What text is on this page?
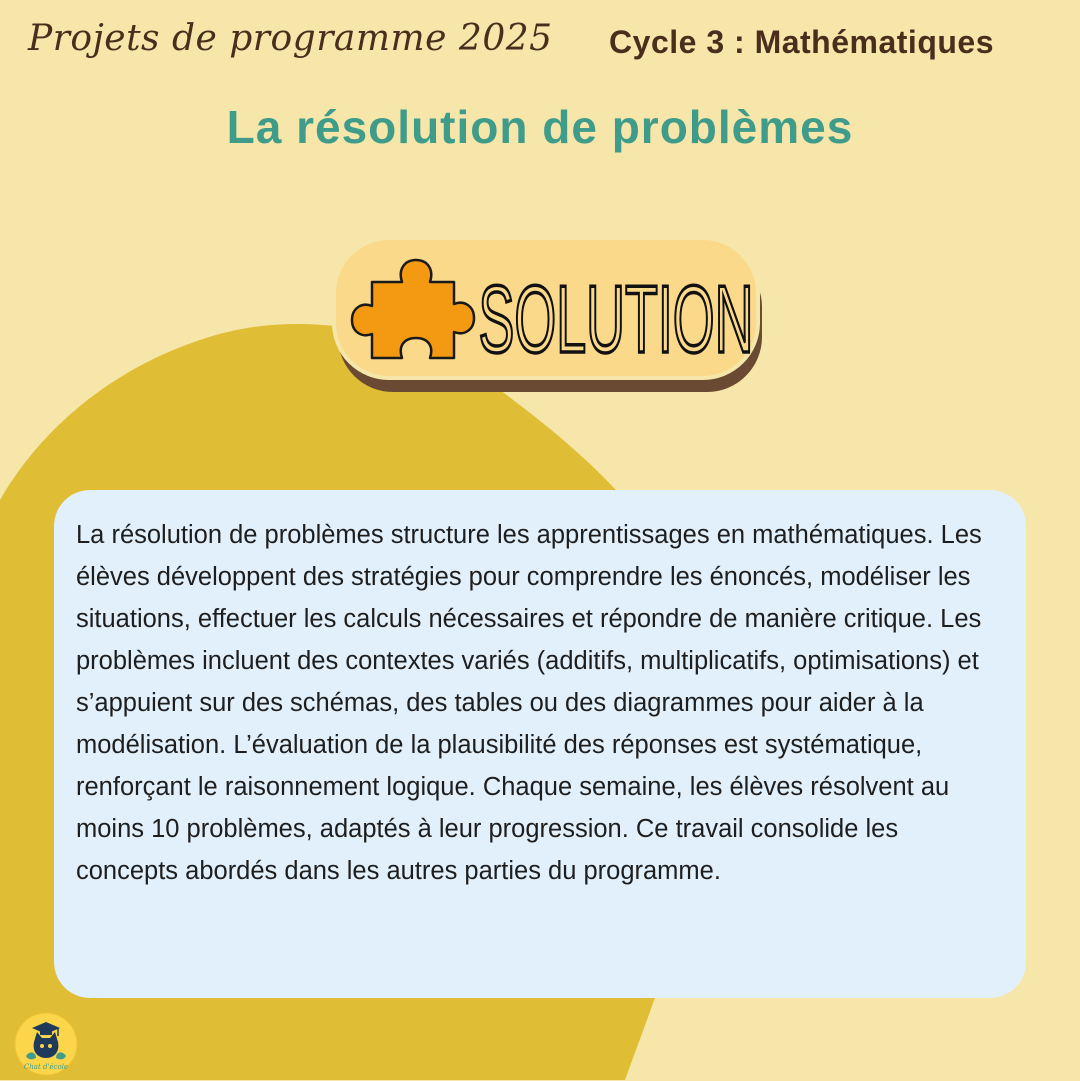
Projets de programme 2025 Cycle 3 : Mathématiques
La résolution de problèmes
SOLUTION

La résolution de problèmes structure les apprentissages en mathématiques. Les élèves développent des stratégies pour comprendre les énoncés, modéliser les situations, effectuer les calculs nécessaires et répondre de manière critique. Les problèmes incluent des contextes variés (additifs, multiplicatifs, optimisations) et s’appuient sur des schémas, des tables ou des diagrammes pour aider à la modélisation. L’évaluation de la plausibilité des réponses est systématique, renforçant le raisonnement logique. Chaque semaine, les élèves résolvent au moins 10 problèmes, adaptés à leur progression. Ce travail consolide les concepts abordés dans les autres parties du programme.

Chat d'école
